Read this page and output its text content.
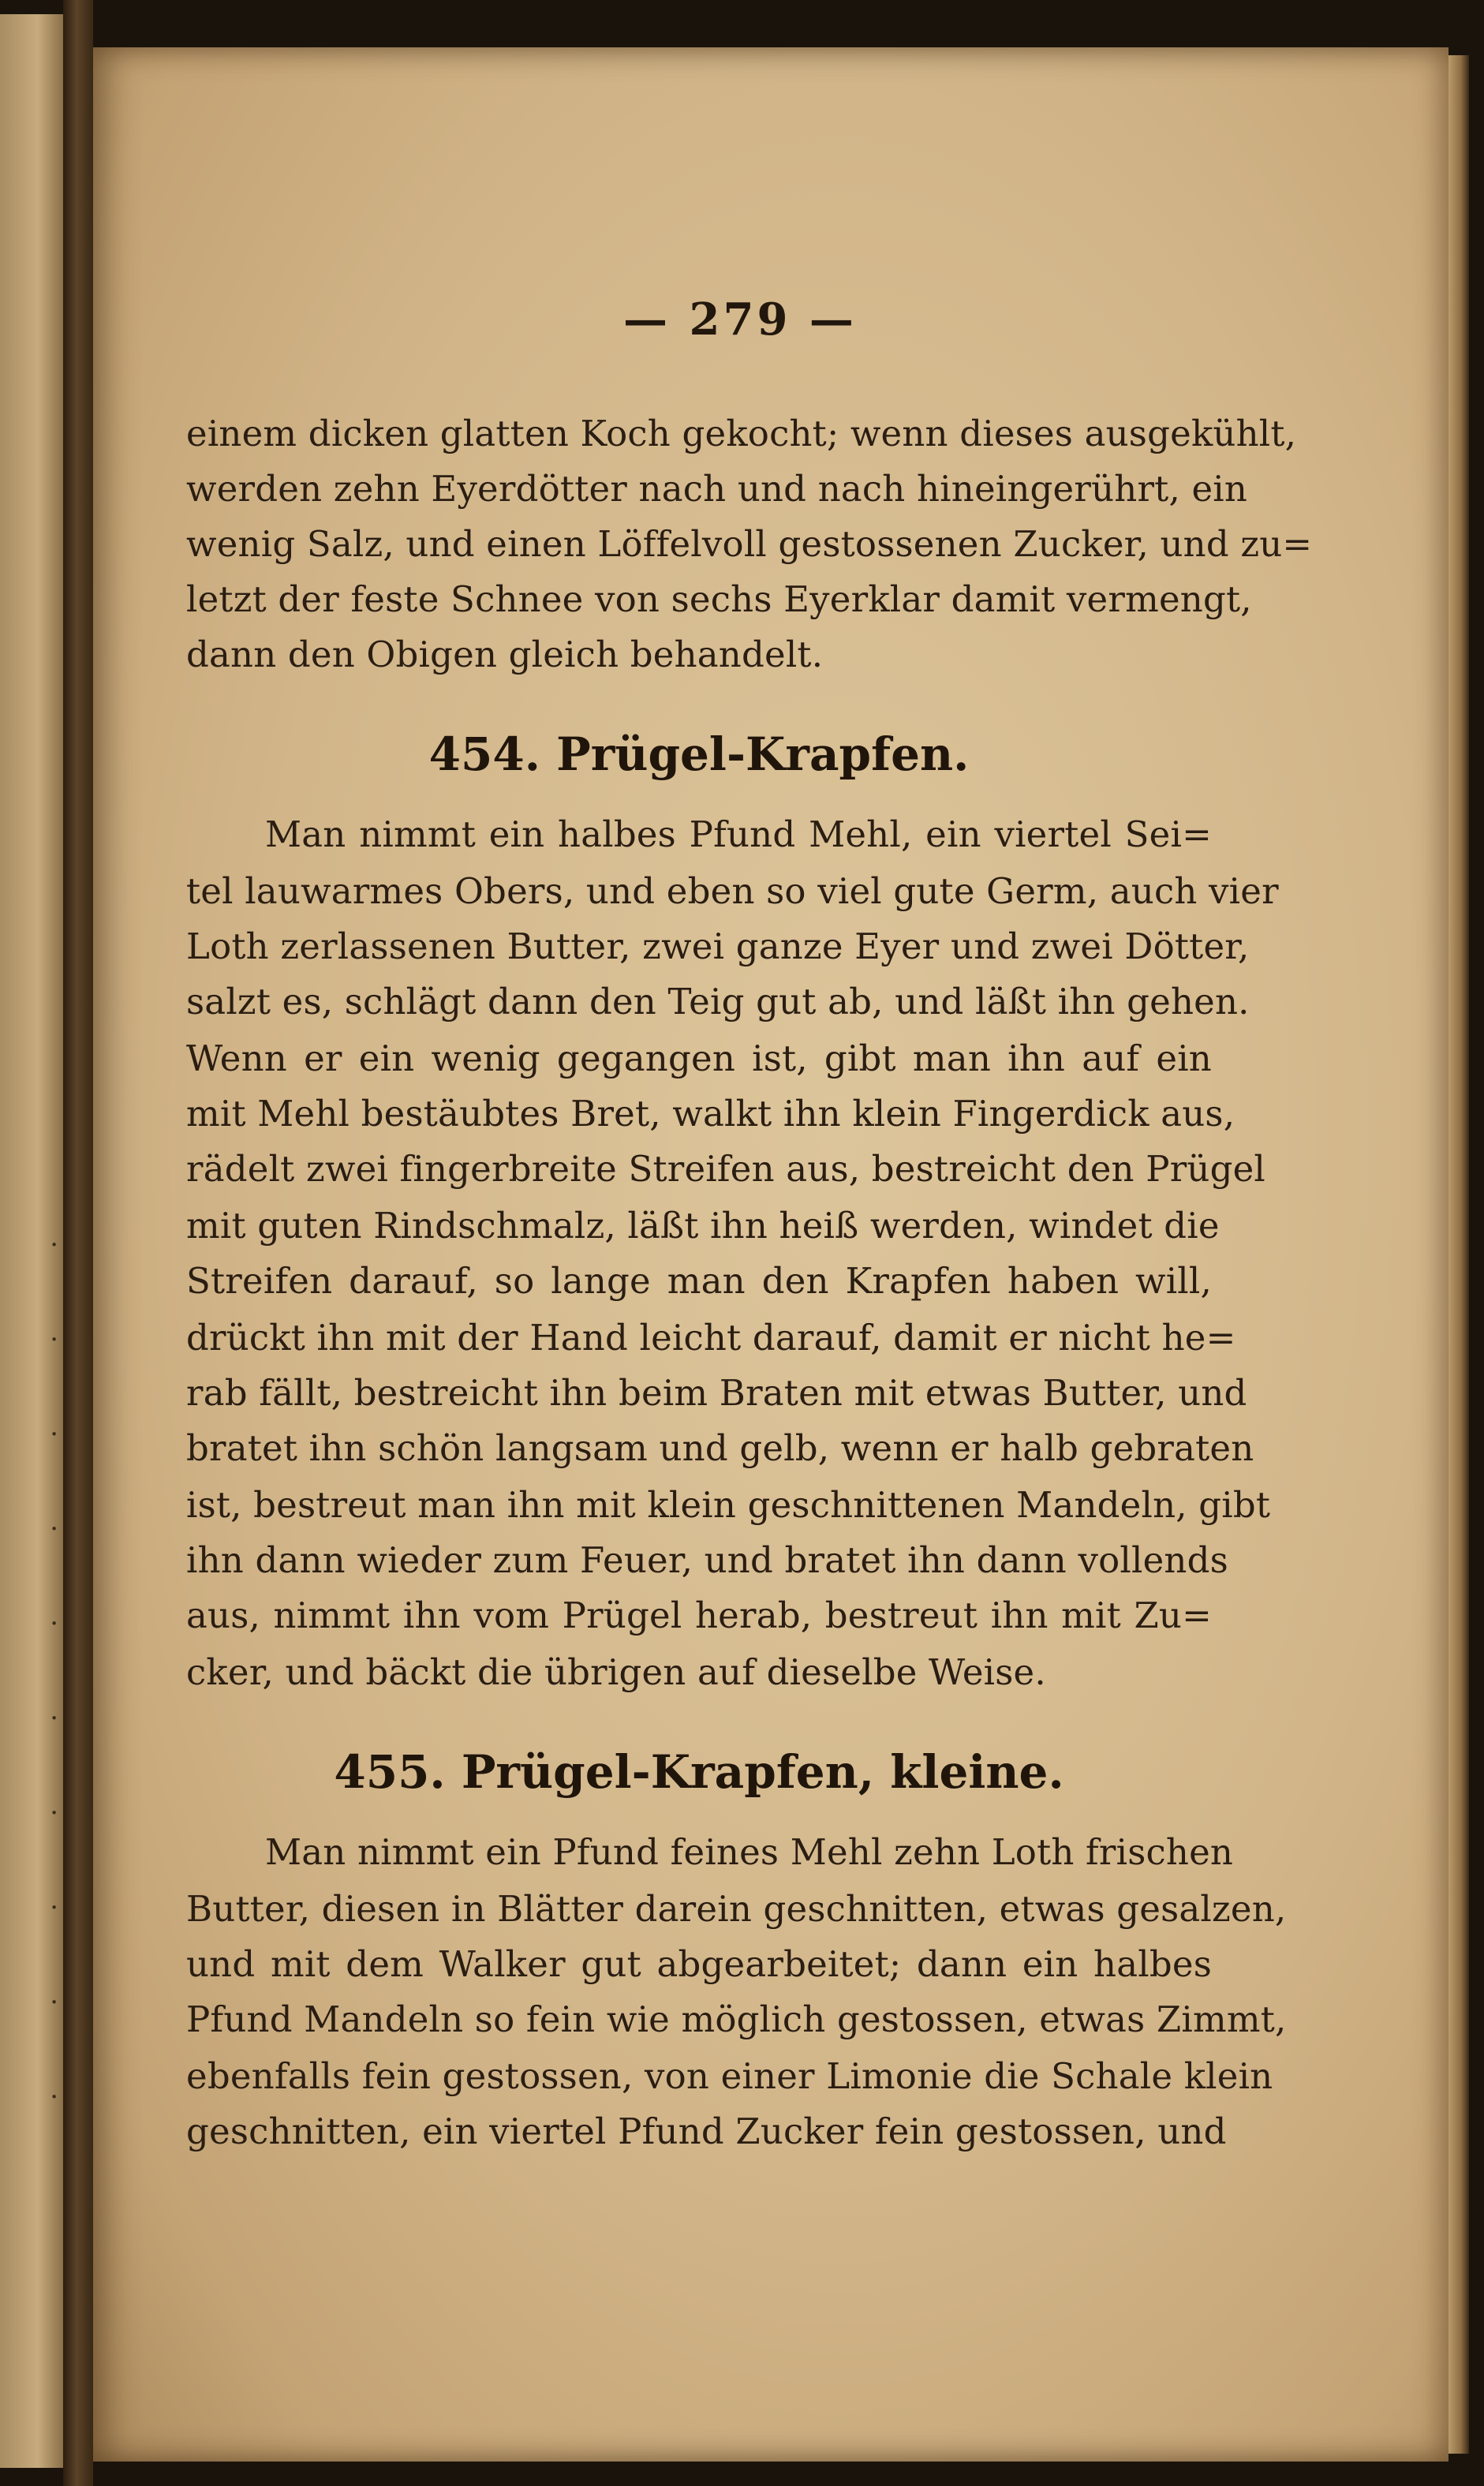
·
·
·
·
·
·
·
·
·
·
— 279 —
einem dicken glatten Koch gekocht; wenn dieses ausgekühlt,
werden zehn Eyerdötter nach und nach hineingerührt, ein
wenig Salz, und einen Löffelvoll gestossenen Zucker, und zu=
letzt der feste Schnee von sechs Eyerklar damit vermengt,
dann den Obigen gleich behandelt.
454. Prügel-Krapfen.
Man nimmt ein halbes Pfund Mehl, ein viertel Sei=
tel lauwarmes Obers, und eben so viel gute Germ, auch vier
Loth zerlassenen Butter, zwei ganze Eyer und zwei Dötter,
salzt es, schlägt dann den Teig gut ab, und läßt ihn gehen.
Wenn er ein wenig gegangen ist, gibt man ihn auf ein
mit Mehl bestäubtes Bret, walkt ihn klein Fingerdick aus,
rädelt zwei fingerbreite Streifen aus, bestreicht den Prügel
mit guten Rindschmalz, läßt ihn heiß werden, windet die
Streifen darauf, so lange man den Krapfen haben will,
drückt ihn mit der Hand leicht darauf, damit er nicht he=
rab fällt, bestreicht ihn beim Braten mit etwas Butter, und
bratet ihn schön langsam und gelb, wenn er halb gebraten
ist, bestreut man ihn mit klein geschnittenen Mandeln, gibt
ihn dann wieder zum Feuer, und bratet ihn dann vollends
aus, nimmt ihn vom Prügel herab, bestreut ihn mit Zu=
cker, und bäckt die übrigen auf dieselbe Weise.
455. Prügel-Krapfen, kleine.
Man nimmt ein Pfund feines Mehl zehn Loth frischen
Butter, diesen in Blätter darein geschnitten, etwas gesalzen,
und mit dem Walker gut abgearbeitet; dann ein halbes
Pfund Mandeln so fein wie möglich gestossen, etwas Zimmt,
ebenfalls fein gestossen, von einer Limonie die Schale klein
geschnitten, ein viertel Pfund Zucker fein gestossen, und
